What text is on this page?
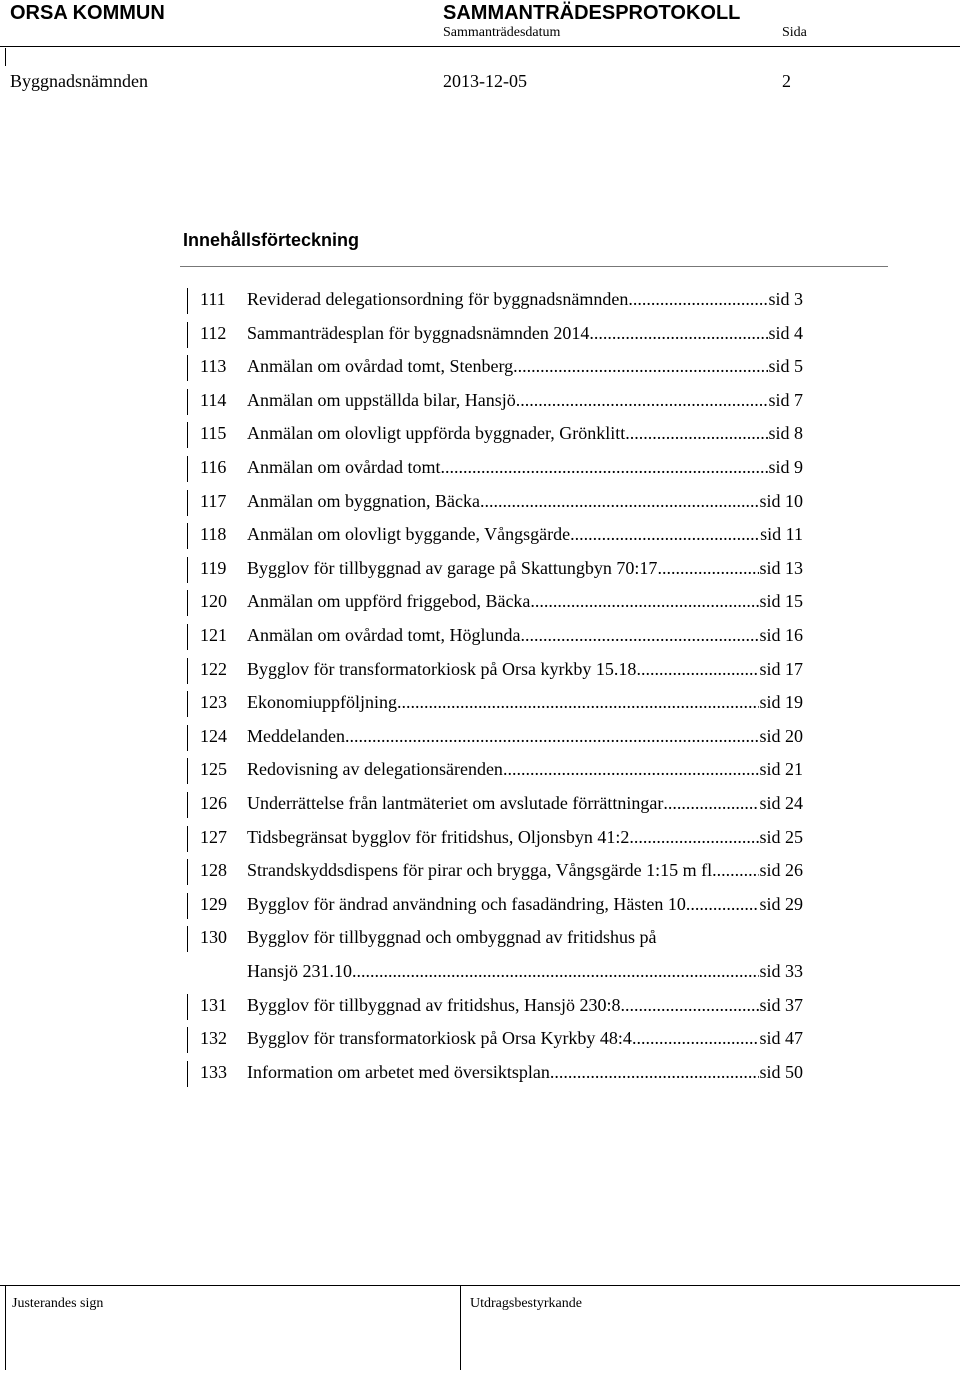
ORSA KOMMUN	SAMMANTRÄDESPROTOKOLL
Sammanträdesdatum	Sida
Byggnadsnämnden	2013-12-05	2
Innehållsförteckning
111 Reviderad delegationsordning för byggnadsnämnden .....	sid 3
112 Sammanträdesplan för byggnadsnämnden 2014 .....	sid 4
113 Anmälan om ovårdad tomt, Stenberg .....	sid 5
114 Anmälan om uppställda bilar, Hansjö .....	sid 7
115 Anmälan om olovligt uppförda byggnader, Grönklitt .....	sid 8
116 Anmälan om ovårdad tomt .....	sid 9
117 Anmälan om byggnation, Bäcka .....	sid 10
118 Anmälan om olovligt byggande, Vångsgärde .....	sid 11
119 Bygglov för tillbyggnad av garage på Skattungbyn 70:17 .....	sid 13
120 Anmälan om uppförd friggebod, Bäcka .....	sid 15
121 Anmälan om ovårdad tomt, Höglunda .....	sid 16
122 Bygglov för transformatorkiosk på Orsa kyrkby 15.18 .....	sid 17
123 Ekonomiuppföljning .....	sid 19
124 Meddelanden .....	sid 20
125 Redovisning av delegationsärenden .....	sid 21
126 Underrättelse från lantmäteriet om avslutade förrättningar .....	sid 24
127 Tidsbegränsat bygglov för fritidshus, Oljonsbyn 41:2 .....	sid 25
128 Strandskyddsdispens för pirar och brygga, Vångsgärde 1:15 m fl .....	sid 26
129 Bygglov för ändrad användning och fasadändring, Hästen 10 .....	sid 29
130 Bygglov för tillbyggnad och ombyggnad av fritidshus på
Hansjö 231.10 .....	sid 33
131 Bygglov för tillbyggnad av fritidshus, Hansjö 230:8 .....	sid 37
132 Bygglov för transformatorkiosk på Orsa Kyrkby 48:4 .....	sid 47
133 Information om arbetet med översiktsplan .....	sid 50
Justerandes sign	Utdragsbestyrkande
